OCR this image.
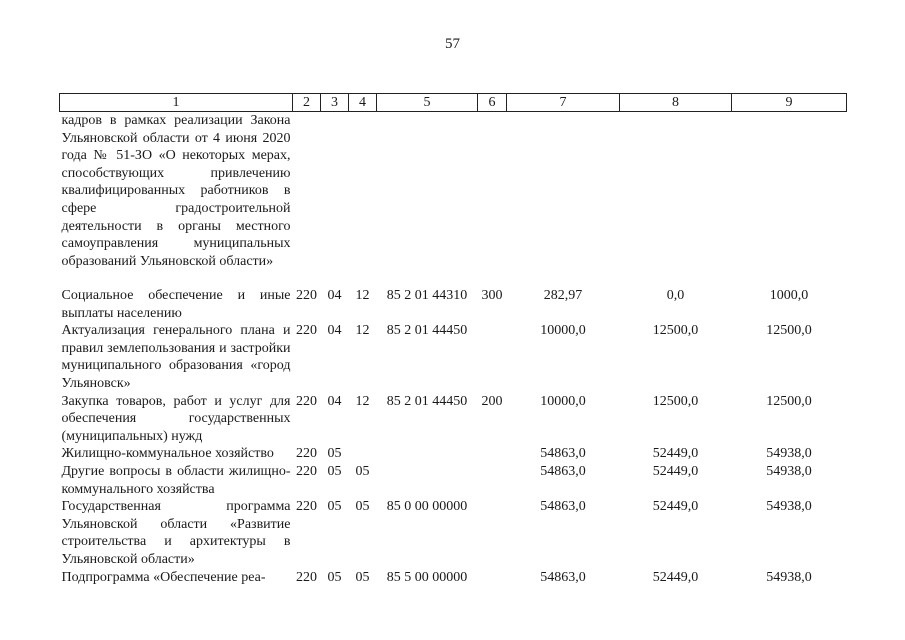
57
1	2	3	4	5	6	7	8	9
кадров в рамках реализации Закона Ульяновской области от 4 июня 2020 года № 51-ЗО «О некоторых мерах, способствующих привлечению квалифицированных работников в сфере градостроительной деятельности в органы местного самоуправления муниципальных образований Ульяновской области»								
Социальное обеспечение и иные выплаты населению	220	04	12	85 2 01 44310	300	282,97	0,0	1000,0
Актуализация генерального плана и правил землепользования и застройки муниципального образования «город Ульяновск»	220	04	12	85 2 01 44450		10000,0	12500,0	12500,0
Закупка товаров, работ и услуг для обеспечения государственных (муниципальных) нужд	220	04	12	85 2 01 44450	200	10000,0	12500,0	12500,0
Жилищно-коммунальное хозяйство	220	05				54863,0	52449,0	54938,0
Другие вопросы в области жилищно-коммунального хозяйства	220	05	05			54863,0	52449,0	54938,0
Государственная программа Ульяновской области «Развитие строительства и архитектуры в Ульяновской области»	220	05	05	85 0 00 00000		54863,0	52449,0	54938,0
Подпрограмма «Обеспечение реа-	220	05	05	85 5 00 00000		54863,0	52449,0	54938,0
